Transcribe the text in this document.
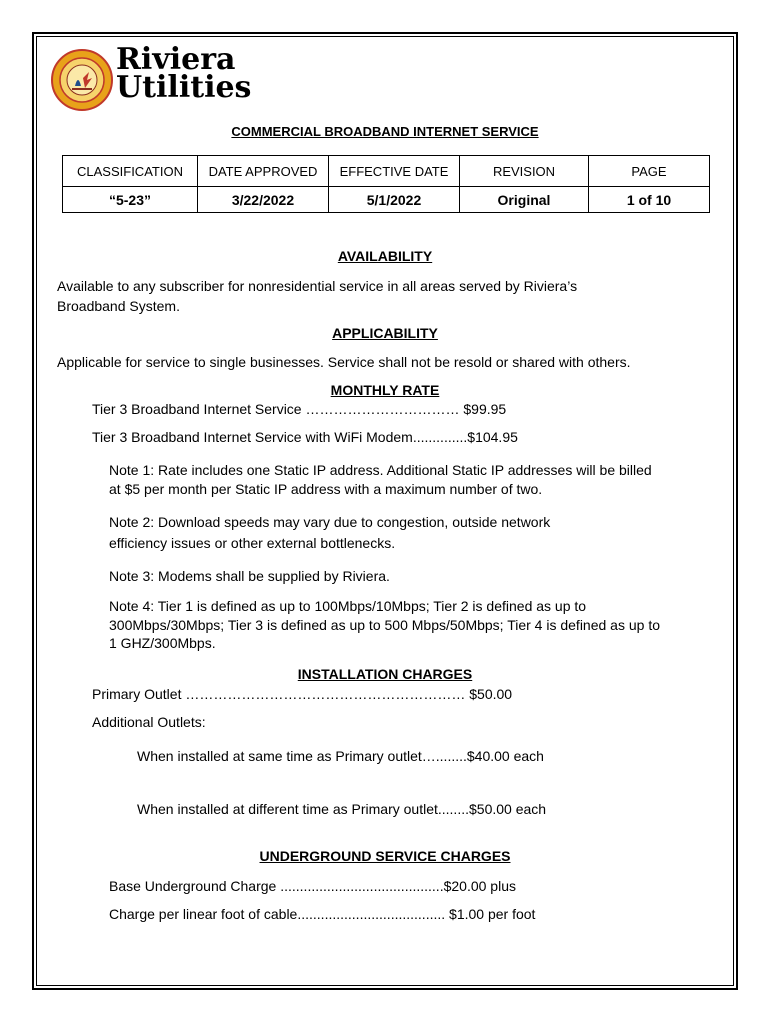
Riviera
Utilities
COMMERCIAL BROADBAND INTERNET SERVICE
CLASSIFICATION	DATE APPROVED	EFFECTIVE DATE	REVISION	PAGE
“5-23”	3/22/2022	5/1/2022	Original	1 of 10
AVAILABILITY
Available to any subscriber for nonresidential service in all areas served by Riviera’s
Broadband System.
APPLICABILITY
Applicable for service to single businesses. Service shall not be resold or shared with others.
MONTHLY RATE
Tier 3 Broadband Internet Service …………………………… $99.95
Tier 3 Broadband Internet Service with WiFi Modem..............$104.95
Note 1: Rate includes one Static IP address. Additional Static IP addresses will be billed
at $5 per month per Static IP address with a maximum number of two.
Note 2: Download speeds may vary due to congestion, outside network
efficiency issues or other external bottlenecks.
Note 3: Modems shall be supplied by Riviera.
Note 4: Tier 1 is defined as up to 100Mbps/10Mbps; Tier 2 is defined as up to
300Mbps/30Mbps; Tier 3 is defined as up to 500 Mbps/50Mbps; Tier 4 is defined as up to
1 GHZ/300Mbps.
INSTALLATION CHARGES
Primary Outlet …………………………………………………… $50.00
Additional Outlets:
When installed at same time as Primary outlet…........$40.00 each
When installed at different time as Primary outlet........$50.00 each
UNDERGROUND SERVICE CHARGES
Base Underground Charge ..........................................$20.00 plus
Charge per linear foot of cable...................................... $1.00 per foot
